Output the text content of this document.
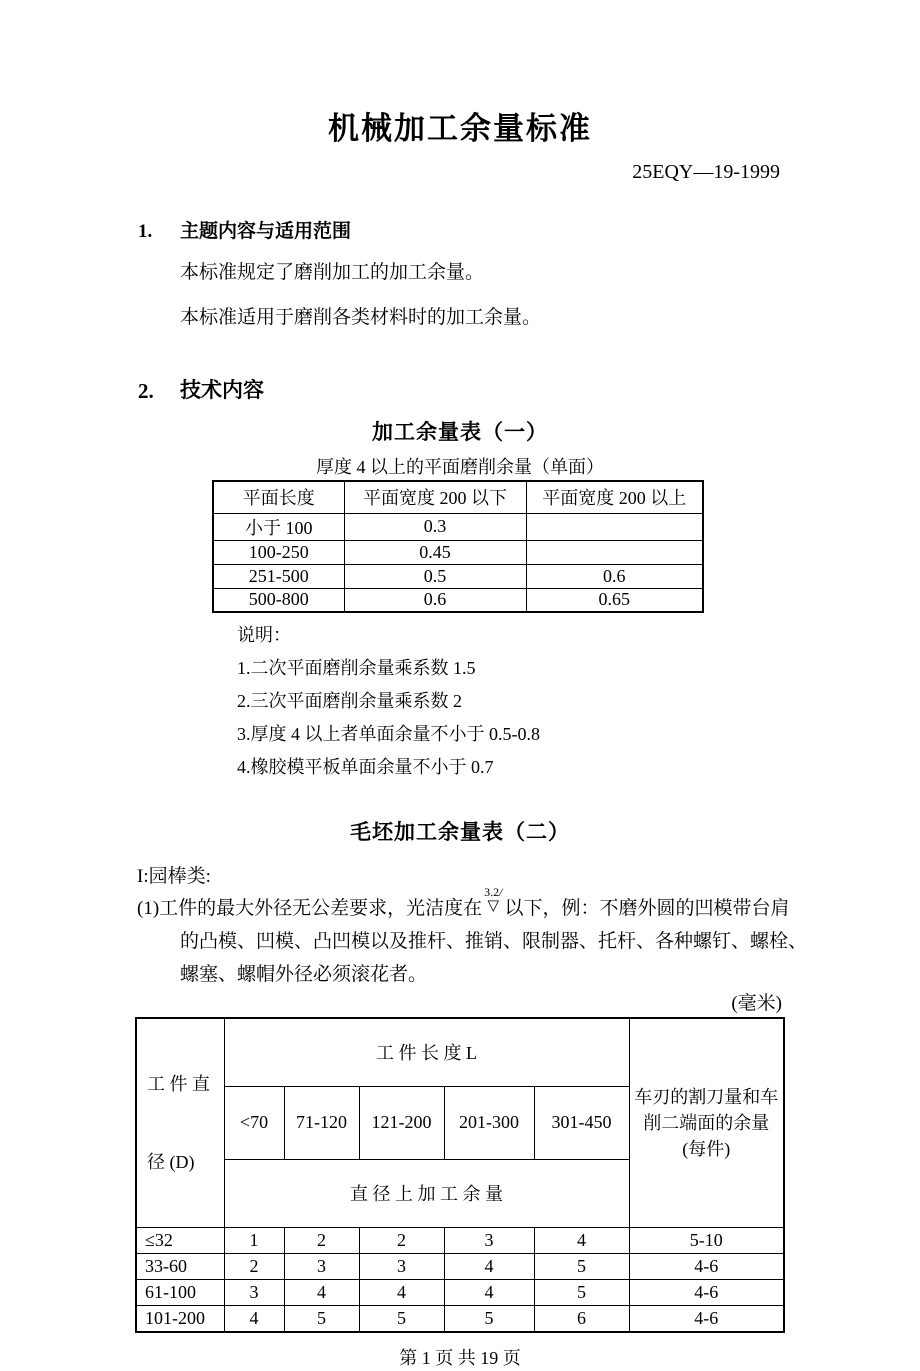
机械加工余量标准
25EQY—19-1999
1.	主题内容与适用范围
本标准规定了磨削加工的加工余量。
本标准适用于磨削各类材料时的加工余量。
2.	技术内容
加工余量表（一）
厚度 4 以上的平面磨削余量（单面）
平面长度	平面宽度 200 以下	平面宽度 200 以上
小于 100	0.3	
100-250	0.45	
251-500	0.5	0.6
500-800	0.6	0.65
说明：
1.二次平面磨削余量乘系数 1.5
2.三次平面磨削余量乘系数 2
3.厚度 4 以上者单面余量不小于 0.5-0.8
4.橡胶模平板单面余量不小于 0.7
毛坯加工余量表（二）
I:园棒类:
(1)工件的最大外径无公差要求，光洁度在
3.2/
▽ 以下，例：不磨外圆的凹模带台肩
的凸模、凹模、凸凹模以及推杆、推销、限制器、托杆、各种螺钉、螺栓、
螺塞、螺帽外径必须滚花者。
(毫米)

工 件 直

径 (D)

	工 件 长 度 L	
车刃的割刀量和车
削二端面的余量
(每件)

	<70	71-120	121-200	201-300	301-450	
	直 径 上 加 工 余 量					
≤32	1	2	2	3	4	5-10
33-60	2	3	3	4	5	4-6
61-100	3	4	4	4	5	4-6
101-200	4	5	5	5	6	4-6
第 1 页 共 19 页
